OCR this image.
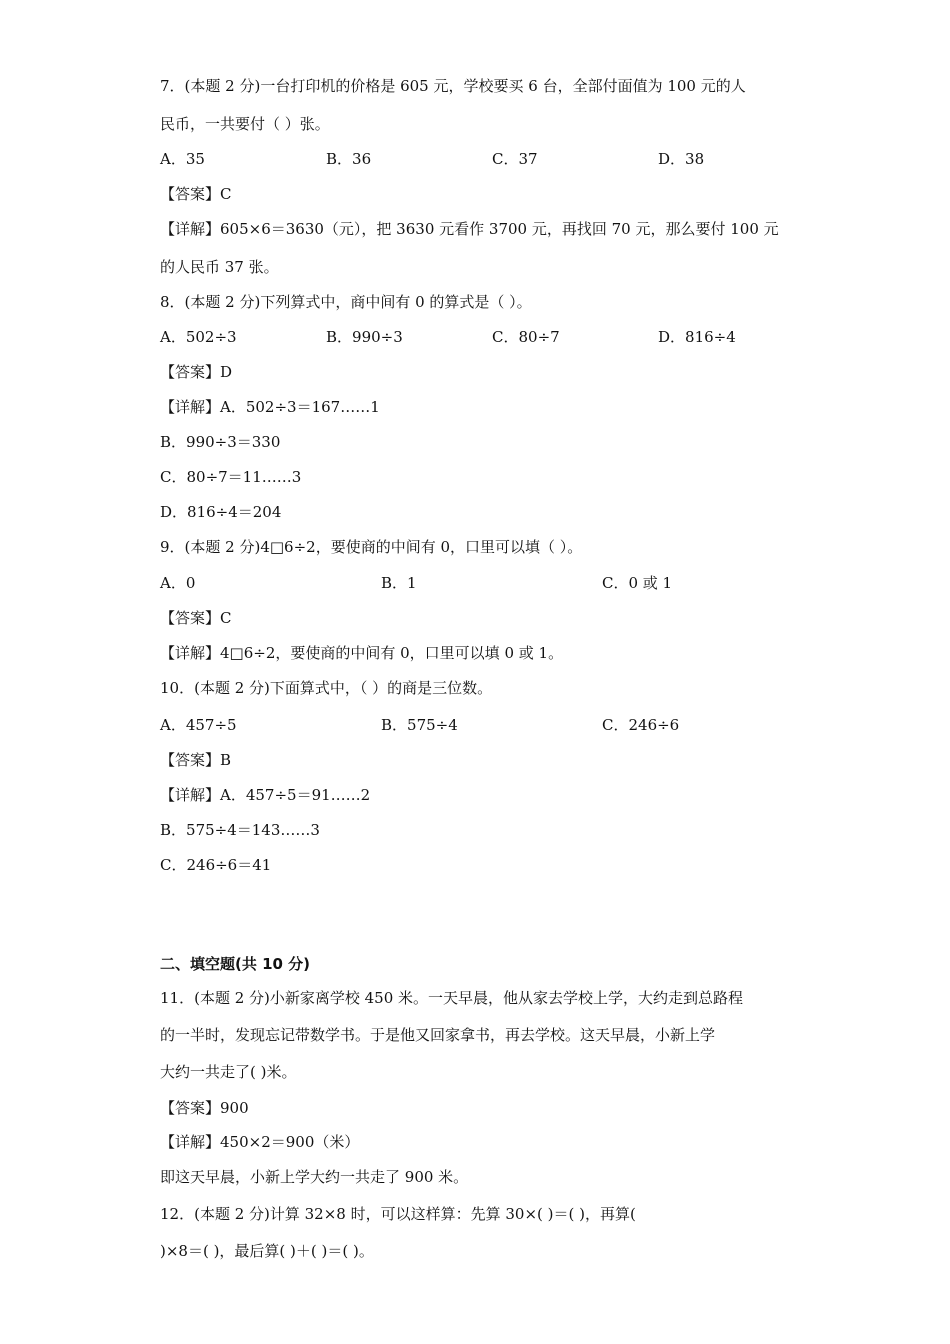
7．(本题 2 分)一台打印机的价格是 605 元，学校要买 6 台，全部付面值为 100 元的人
民币，一共要付（ ）张。
A．35	B．36	C．37	D．38
【答案】C
【详解】605×6＝3630（元），把 3630 元看作 3700 元，再找回 70 元，那么要付 100 元
的人民币 37 张。
8．(本题 2 分)下列算式中，商中间有 0 的算式是（ ）。
A．502÷3	B．990÷3	C．80÷7	D．816÷4
【答案】D
【详解】A．502÷3＝167……1
B．990÷3＝330
C．80÷7＝11……3
D．816÷4＝204
9．(本题 2 分)4□6÷2，要使商的中间有 0，口里可以填（ ）。
A．0	B．1	C．0 或 1
【答案】C
【详解】4□6÷2，要使商的中间有 0，口里可以填 0 或 1。
10．(本题 2 分)下面算式中，（ ）的商是三位数。
A．457÷5	B．575÷4	C．246÷6
【答案】B
【详解】A．457÷5＝91……2
B．575÷4＝143……3
C．246÷6＝41
二、填空题(共 10 分)
11．(本题 2 分)小新家离学校 450 米。一天早晨，他从家去学校上学，大约走到总路程
的一半时，发现忘记带数学书。于是他又回家拿书，再去学校。这天早晨，小新上学
大约一共走了( )米。
【答案】900
【详解】450×2＝900（米）
即这天早晨，小新上学大约一共走了 900 米。
12．(本题 2 分)计算 32×8 时，可以这样算：先算 30×( )＝( )，再算(
)×8＝( )，最后算( )＋( )＝( )。
